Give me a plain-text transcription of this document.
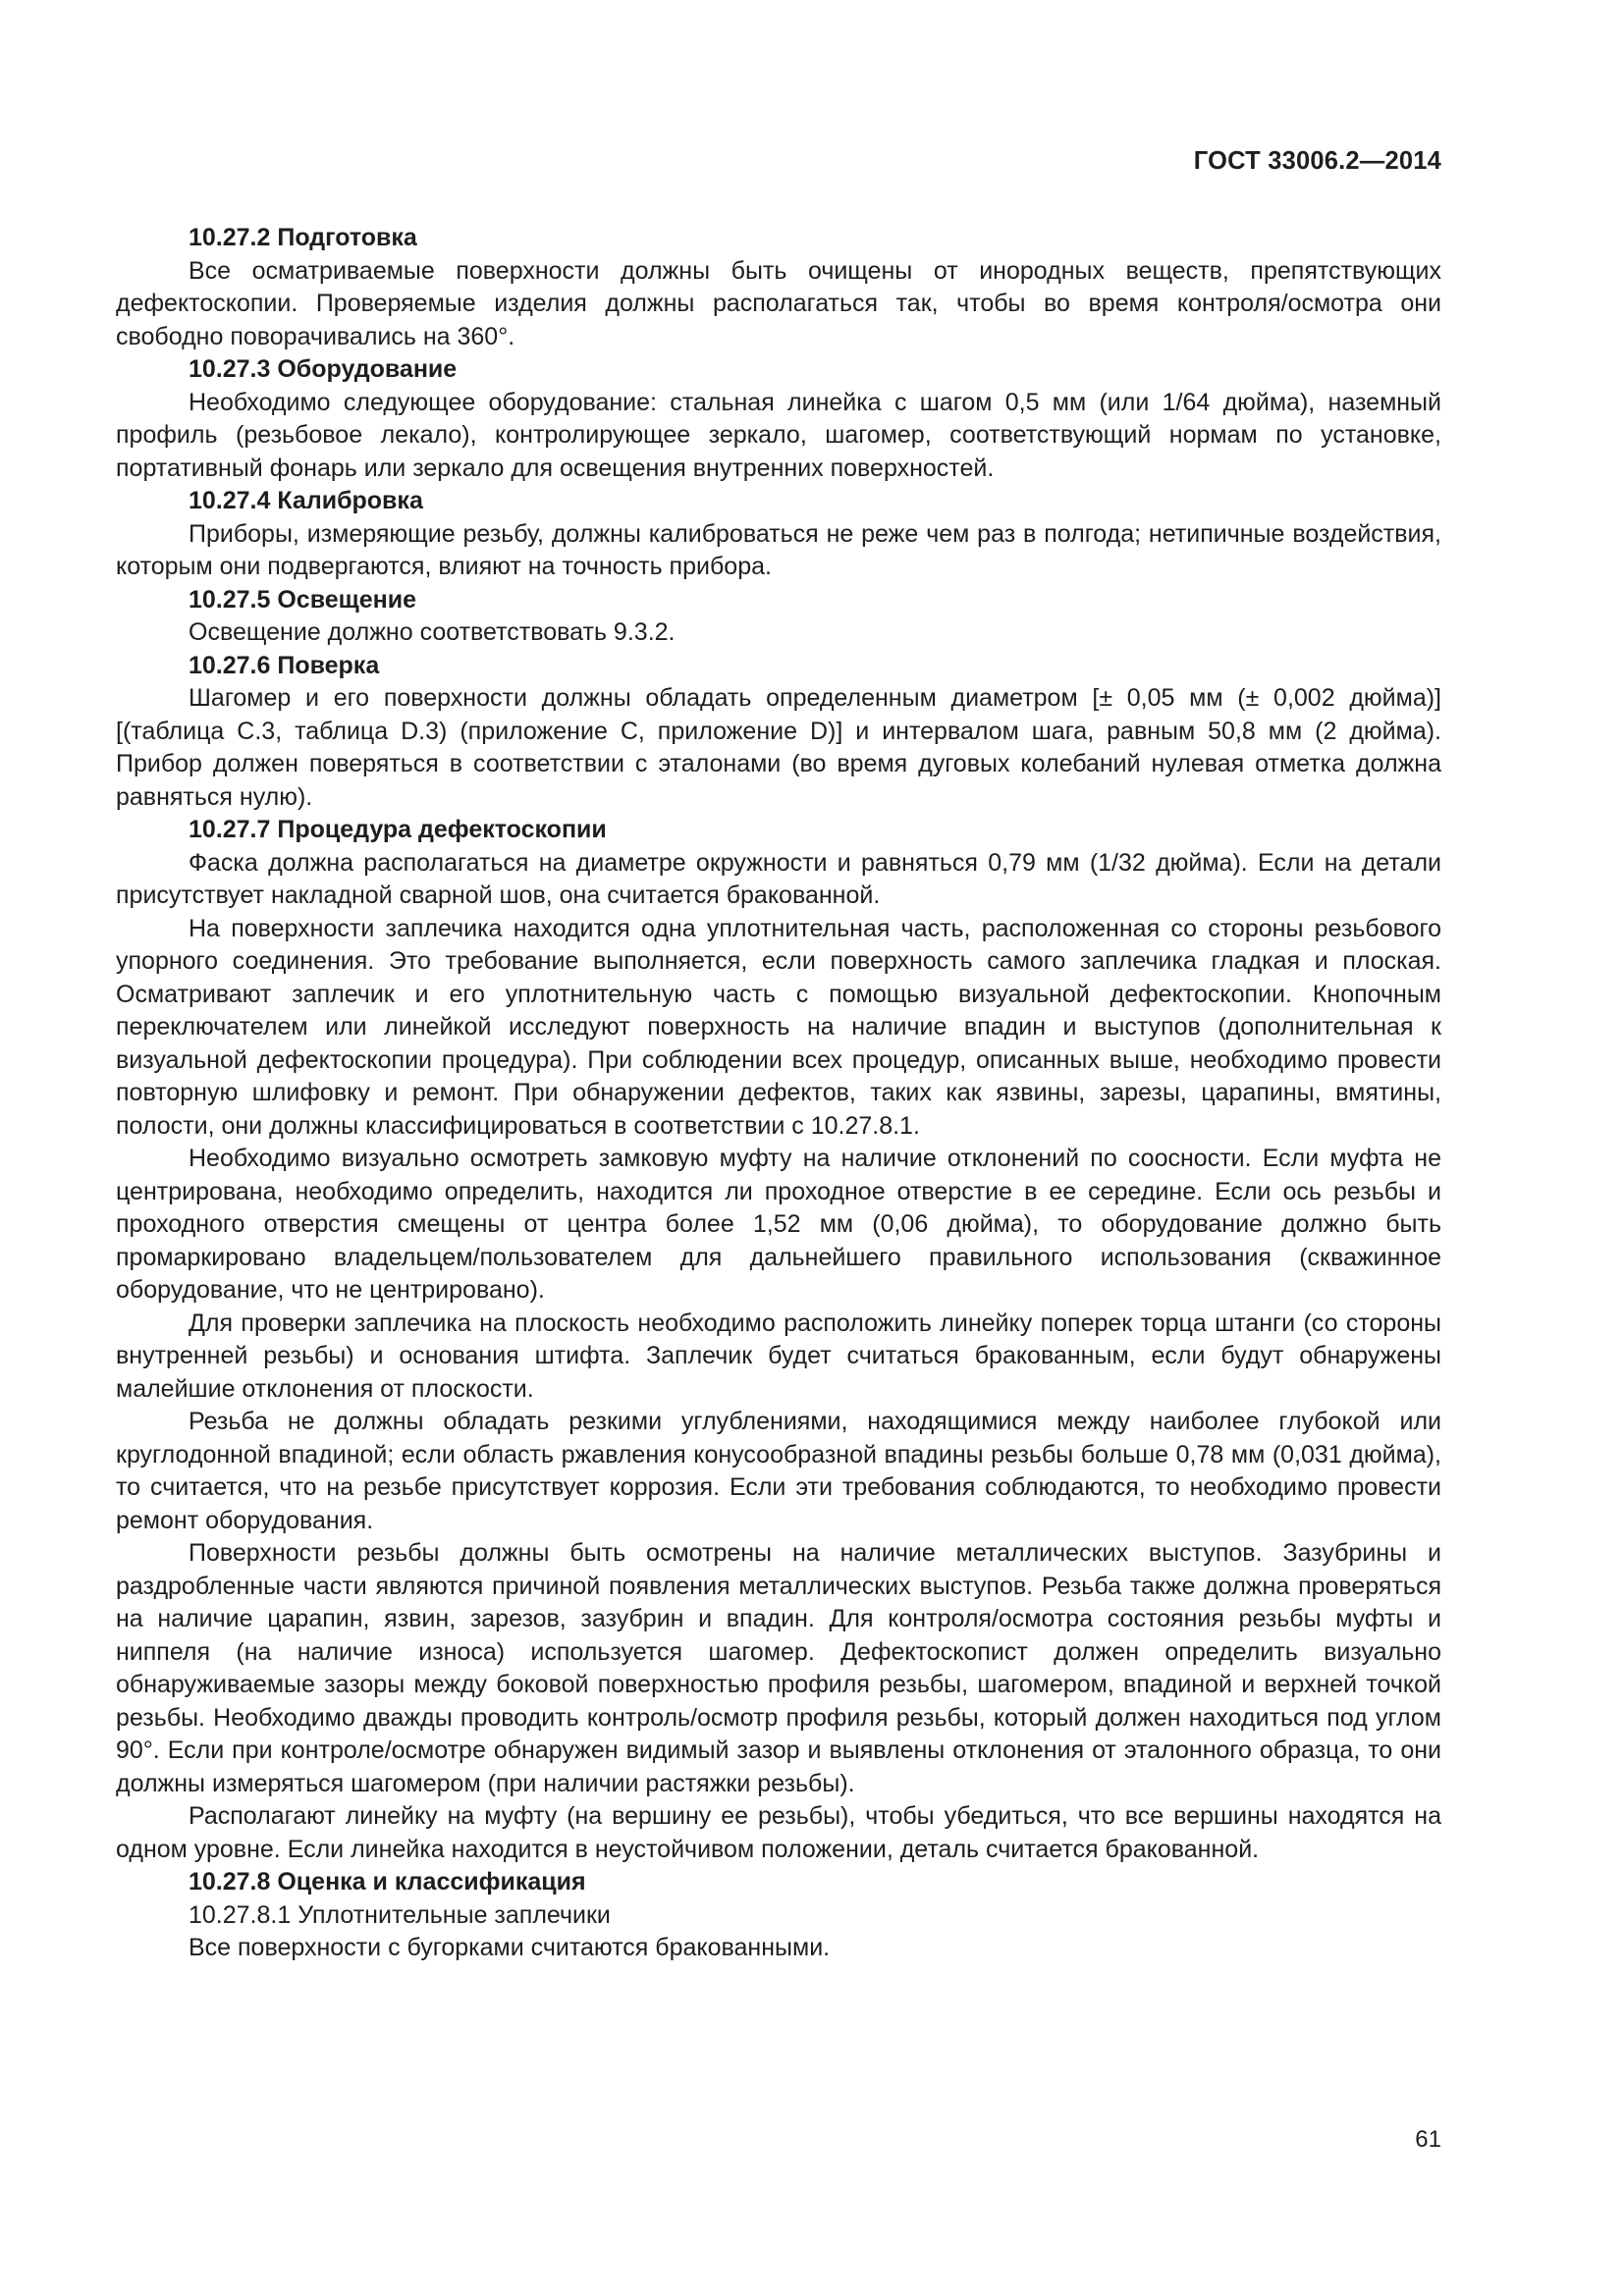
ГОСТ 33006.2—2014
10.27.2 Подготовка

Все осматриваемые поверхности должны быть очищены от инородных веществ, препятствующих дефектоскопии. Проверяемые изделия должны располагаться так, чтобы во время контроля/осмотра они свободно поворачивались на 360°.

10.27.3 Оборудование

Необходимо следующее оборудование: стальная линейка с шагом 0,5 мм (или 1/64 дюйма), наземный профиль (резьбовое лекало), контролирующее зеркало, шагомер, соответствующий нормам по установке, портативный фонарь или зеркало для освещения внутренних поверхностей.

10.27.4 Калибровка

Приборы, измеряющие резьбу, должны калиброваться не реже чем раз в полгода; нетипичные воздействия, которым они подвергаются, влияют на точность прибора.

10.27.5 Освещение

Освещение должно соответствовать 9.3.2.

10.27.6 Поверка

Шагомер и его поверхности должны обладать определенным диаметром [± 0,05 мм (± 0,002 дюйма)] [(таблица С.3, таблица D.3) (приложение С, приложение D)] и интервалом шага, равным 50,8 мм (2 дюйма). Прибор должен поверяться в соответствии с эталонами (во время дуговых колебаний нулевая отметка должна равняться нулю).

10.27.7 Процедура дефектоскопии

Фаска должна располагаться на диаметре окружности и равняться 0,79 мм (1/32 дюйма). Если на детали присутствует накладной сварной шов, она считается бракованной.

На поверхности заплечика находится одна уплотнительная часть, расположенная со стороны резьбового упорного соединения. Это требование выполняется, если поверхность самого заплечика гладкая и плоская. Осматривают заплечик и его уплотнительную часть с помощью визуальной дефектоскопии. Кнопочным переключателем или линейкой исследуют поверхность на наличие впадин и выступов (дополнительная к визуальной дефектоскопии процедура). При соблюдении всех процедур, описанных выше, необходимо провести повторную шлифовку и ремонт. При обнаружении дефектов, таких как язвины, зарезы, царапины, вмятины, полости, они должны классифицироваться в соответствии с 10.27.8.1.

Необходимо визуально осмотреть замковую муфту на наличие отклонений по соосности. Если муфта не центрирована, необходимо определить, находится ли проходное отверстие в ее середине. Если ось резьбы и проходного отверстия смещены от центра более 1,52 мм (0,06 дюйма), то оборудование должно быть промаркировано владельцем/пользователем для дальнейшего правильного использования (скважинное оборудование, что не центрировано).

Для проверки заплечика на плоскость необходимо расположить линейку поперек торца штанги (со стороны внутренней резьбы) и основания штифта. Заплечик будет считаться бракованным, если будут обнаружены малейшие отклонения от плоскости.

Резьба не должны обладать резкими углублениями, находящимися между наиболее глубокой или круглодонной впадиной; если область ржавления конусообразной впадины резьбы больше 0,78 мм (0,031 дюйма), то считается, что на резьбе присутствует коррозия. Если эти требования соблюдаются, то необходимо провести ремонт оборудования.

Поверхности резьбы должны быть осмотрены на наличие металлических выступов. Зазубрины и раздробленные части являются причиной появления металлических выступов. Резьба также должна проверяться на наличие царапин, язвин, зарезов, зазубрин и впадин. Для контроля/осмотра состояния резьбы муфты и ниппеля (на наличие износа) используется шагомер. Дефектоскопист должен определить визуально обнаруживаемые зазоры между боковой поверхностью профиля резьбы, шагомером, впадиной и верхней точкой резьбы. Необходимо дважды проводить контроль/осмотр профиля резьбы, который должен находиться под углом 90°. Если при контроле/осмотре обнаружен видимый зазор и выявлены отклонения от эталонного образца, то они должны измеряться шагомером (при наличии растяжки резьбы).

Располагают линейку на муфту (на вершину ее резьбы), чтобы убедиться, что все вершины находятся на одном уровне. Если линейка находится в неустойчивом положении, деталь считается бракованной.

10.27.8 Оценка и классификация

10.27.8.1 Уплотнительные заплечики

Все поверхности с бугорками считаются бракованными.

61
